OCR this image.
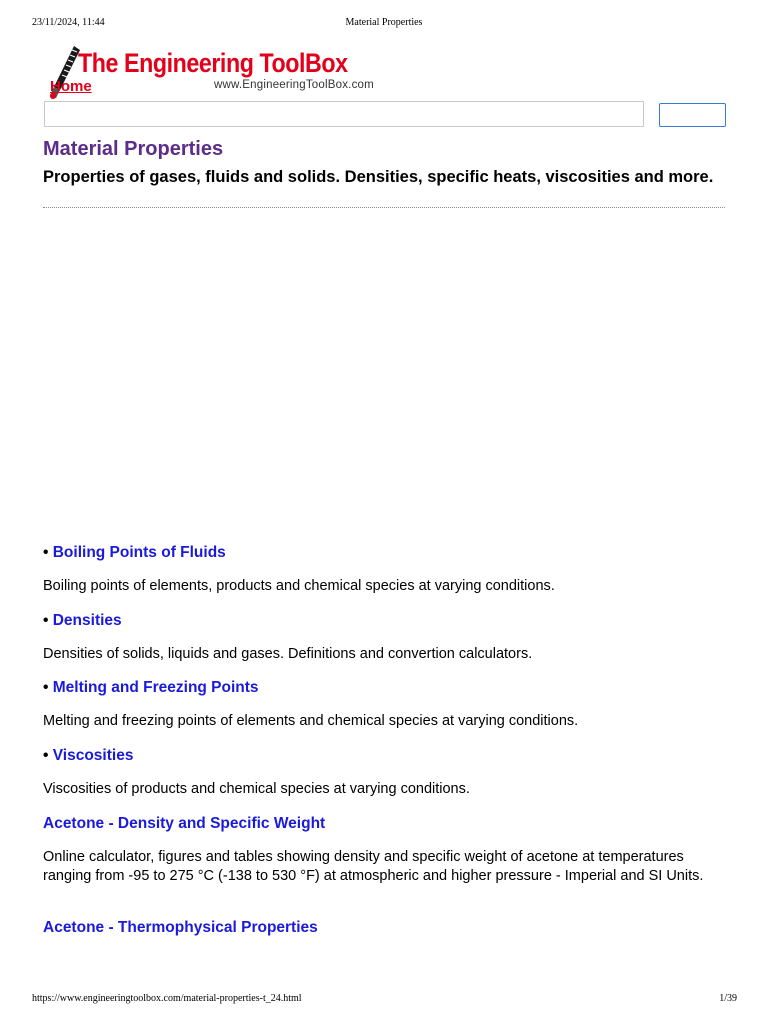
23/11/2024, 11:44	Material Properties
The Engineering ToolBox
Home	www.EngineeringToolBox.com
Material Properties

Properties of gases, fluids and solids. Densities, specific heats, viscosities and more.

• Boiling Points of Fluids

Boiling points of elements, products and chemical species at varying conditions.

• Densities

Densities of solids, liquids and gases. Definitions and convertion calculators.

• Melting and Freezing Points

Melting and freezing points of elements and chemical species at varying conditions.

• Viscosities

Viscosities of products and chemical species at varying conditions.

Acetone - Density and Specific Weight

Online calculator, figures and tables showing density and specific weight of acetone at temperatures ranging from -95 to 275 °C (-138 to 530 °F) at atmospheric and higher pressure - Imperial and SI Units.

Acetone - Thermophysical Properties
https://www.engineeringtoolbox.com/material-properties-t_24.html	1/39
